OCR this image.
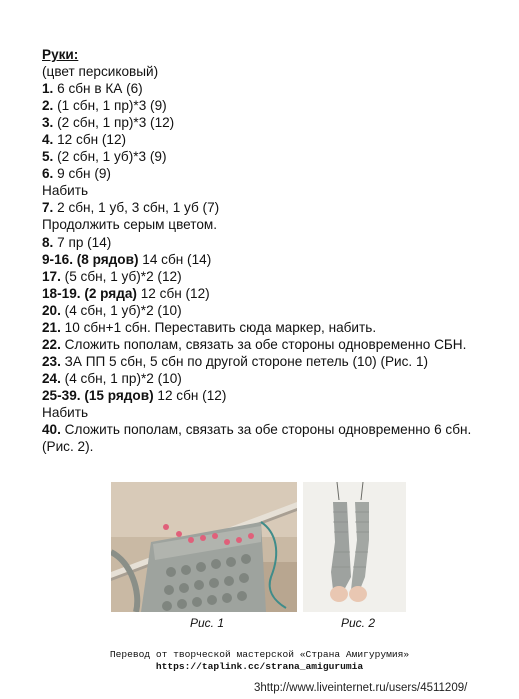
Руки:
(цвет персиковый)
1. 6 сбн в КА (6)
2. (1 сбн, 1 пр)*3 (9)
3. (2 сбн, 1 пр)*3 (12)
4. 12 сбн (12)
5. (2 сбн, 1 уб)*3 (9)
6. 9 сбн (9)
Набить
7. 2 сбн, 1 уб, 3 сбн, 1 уб (7)
Продолжить серым цветом.
8. 7 пр (14)
9-16. (8 рядов) 14 сбн (14)
17. (5 сбн, 1 уб)*2 (12)
18-19. (2 ряда) 12 сбн (12)
20. (4 сбн, 1 уб)*2 (10)
21. 10 сбн+1 сбн. Переставить сюда маркер, набить.
22. Сложить пополам, связать за обе стороны одновременно СБН.
23. ЗА ПП 5 сбн, 5 сбн по другой стороне петель (10) (Рис. 1)
24. (4 сбн, 1 пр)*2 (10)
25-39. (15 рядов) 12 сбн (12)
Набить
40. Сложить пополам, связать за обе стороны одновременно 6 сбн. (Рис. 2).
Рис. 1	Рис. 2
Перевод от творческой мастерской «Страна Амигурумия»
https://taplink.cc/strana_amigurumia
3http://www.liveinternet.ru/users/4511209/
